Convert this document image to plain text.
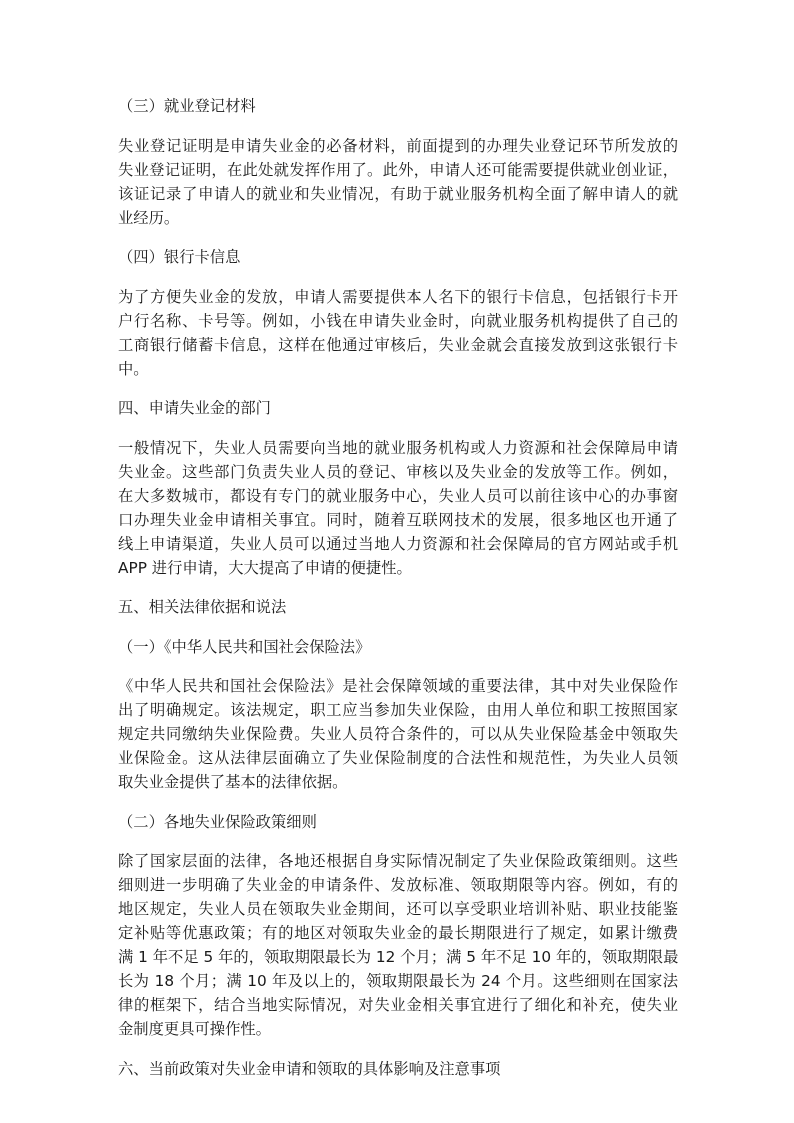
（三）就业登记材料
失业登记证明是申请失业金的必备材料，前面提到的办理失业登记环节所发放的
失业登记证明，在此处就发挥作用了。此外，申请人还可能需要提供就业创业证，
该证记录了申请人的就业和失业情况，有助于就业服务机构全面了解申请人的就
业经历。
（四）银行卡信息
为了方便失业金的发放，申请人需要提供本人名下的银行卡信息，包括银行卡开
户行名称、卡号等。例如，小钱在申请失业金时，向就业服务机构提供了自己的
工商银行储蓄卡信息，这样在他通过审核后，失业金就会直接发放到这张银行卡
中。
四、申请失业金的部门
一般情况下，失业人员需要向当地的就业服务机构或人力资源和社会保障局申请
失业金。这些部门负责失业人员的登记、审核以及失业金的发放等工作。例如，
在大多数城市，都设有专门的就业服务中心，失业人员可以前往该中心的办事窗
口办理失业金申请相关事宜。同时，随着互联网技术的发展，很多地区也开通了
线上申请渠道，失业人员可以通过当地人力资源和社会保障局的官方网站或手机
APP 进行申请，大大提高了申请的便捷性。
五、相关法律依据和说法
（一）《中华人民共和国社会保险法》
《中华人民共和国社会保险法》是社会保障领域的重要法律，其中对失业保险作
出了明确规定。该法规定，职工应当参加失业保险，由用人单位和职工按照国家
规定共同缴纳失业保险费。失业人员符合条件的，可以从失业保险基金中领取失
业保险金。这从法律层面确立了失业保险制度的合法性和规范性，为失业人员领
取失业金提供了基本的法律依据。
（二）各地失业保险政策细则
除了国家层面的法律，各地还根据自身实际情况制定了失业保险政策细则。这些
细则进一步明确了失业金的申请条件、发放标准、领取期限等内容。例如，有的
地区规定，失业人员在领取失业金期间，还可以享受职业培训补贴、职业技能鉴
定补贴等优惠政策；有的地区对领取失业金的最长期限进行了规定，如累计缴费
满 1 年不足 5 年的，领取期限最长为 12 个月；满 5 年不足 10 年的，领取期限最
长为 18 个月；满 10 年及以上的，领取期限最长为 24 个月。这些细则在国家法
律的框架下，结合当地实际情况，对失业金相关事宜进行了细化和补充，使失业
金制度更具可操作性。
六、当前政策对失业金申请和领取的具体影响及注意事项
